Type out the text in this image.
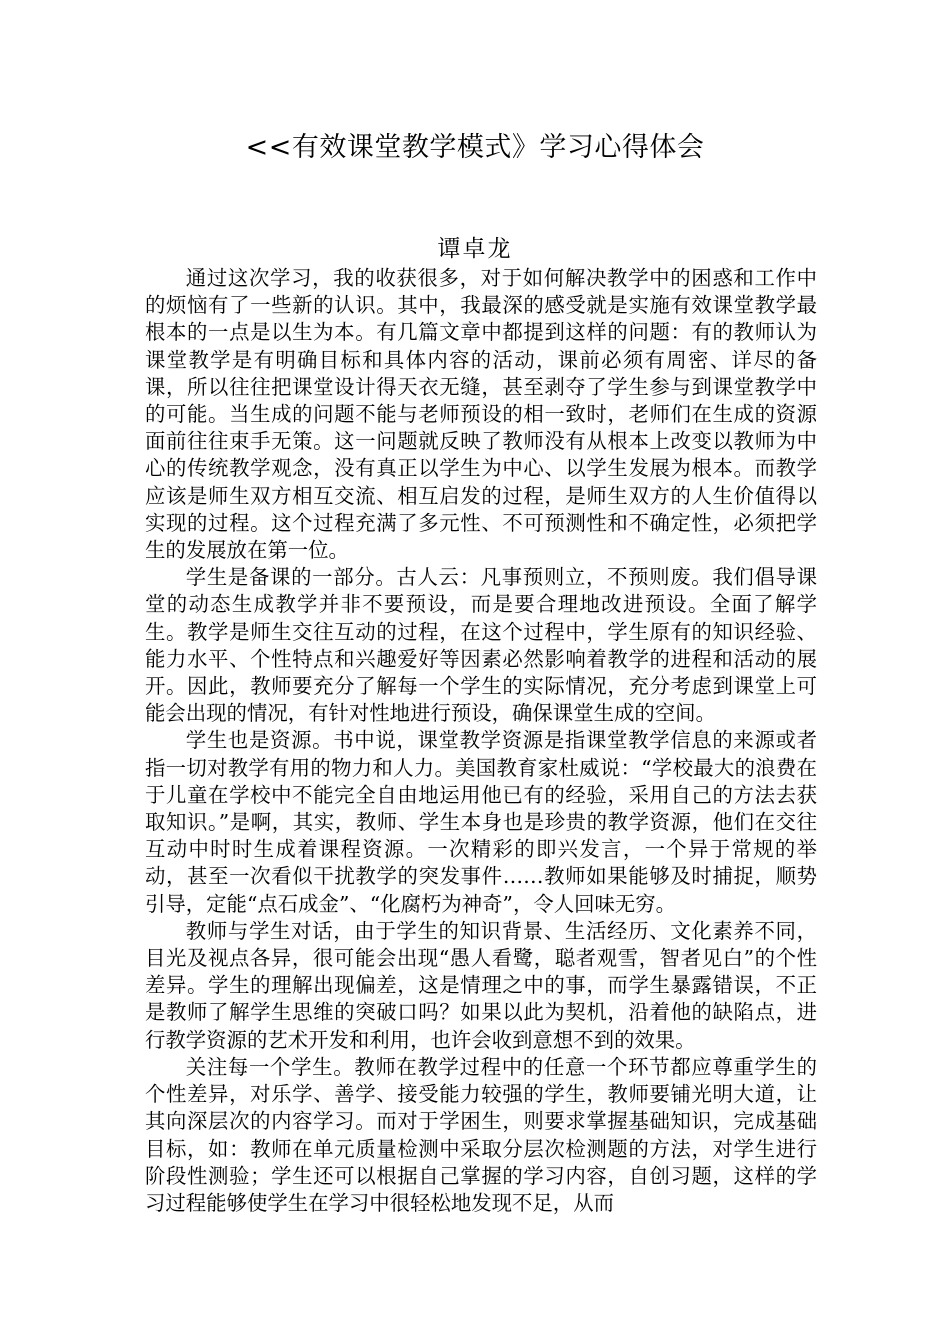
<<有效课堂教学模式》学习心得体会
谭卓龙

通过这次学习，我的收获很多，对于如何解决教学中的困惑和工作中的烦恼有了一些新的认识。其中，我最深的感受就是实施有效课堂教学最根本的一点是以生为本。有几篇文章中都提到这样的问题：有的教师认为课堂教学是有明确目标和具体内容的活动，课前必须有周密、详尽的备课，所以往往把课堂设计得天衣无缝，甚至剥夺了学生参与到课堂教学中的可能。当生成的问题不能与老师预设的相一致时，老师们在生成的资源面前往往束手无策。这一问题就反映了教师没有从根本上改变以教师为中心的传统教学观念，没有真正以学生为中心、以学生发展为根本。而教学应该是师生双方相互交流、相互启发的过程，是师生双方的人生价值得以实现的过程。这个过程充满了多元性、不可预测性和不确定性，必须把学生的发展放在第一位。

学生是备课的一部分。古人云：凡事预则立，不预则废。我们倡导课堂的动态生成教学并非不要预设，而是要合理地改进预设。全面了解学生。教学是师生交往互动的过程，在这个过程中，学生原有的知识经验、能力水平、个性特点和兴趣爱好等因素必然影响着教学的进程和活动的展开。因此，教师要充分了解每一个学生的实际情况，充分考虑到课堂上可能会出现的情况，有针对性地进行预设，确保课堂生成的空间。

学生也是资源。书中说，课堂教学资源是指课堂教学信息的来源或者指一切对教学有用的物力和人力。美国教育家杜威说：“学校最大的浪费在于儿童在学校中不能完全自由地运用他已有的经验，采用自己的方法去获取知识。”是啊，其实，教师、学生本身也是珍贵的教学资源，他们在交往互动中时时生成着课程资源。一次精彩的即兴发言，一个异于常规的举动，甚至一次看似干扰教学的突发事件……教师如果能够及时捕捉，顺势引导，定能“点石成金”、“化腐朽为神奇”，令人回味无穷。

教师与学生对话，由于学生的知识背景、生活经历、文化素养不同，目光及视点各异，很可能会出现“愚人看鹭，聪者观雪，智者见白”的个性差异。学生的理解出现偏差，这是情理之中的事，而学生暴露错误，不正是教师了解学生思维的突破口吗？如果以此为契机，沿着他的缺陷点，进行教学资源的艺术开发和利用，也许会收到意想不到的效果。

关注每一个学生。教师在教学过程中的任意一个环节都应尊重学生的个性差异，对乐学、善学、接受能力较强的学生，教师要铺光明大道，让其向深层次的内容学习。而对于学困生，则要求掌握基础知识，完成基础目标，如：教师在单元质量检测中采取分层次检测题的方法，对学生进行阶段性测验；学生还可以根据自己掌握的学习内容，自创习题，这样的学习过程能够使学生在学习中很轻松地发现不足，从而
